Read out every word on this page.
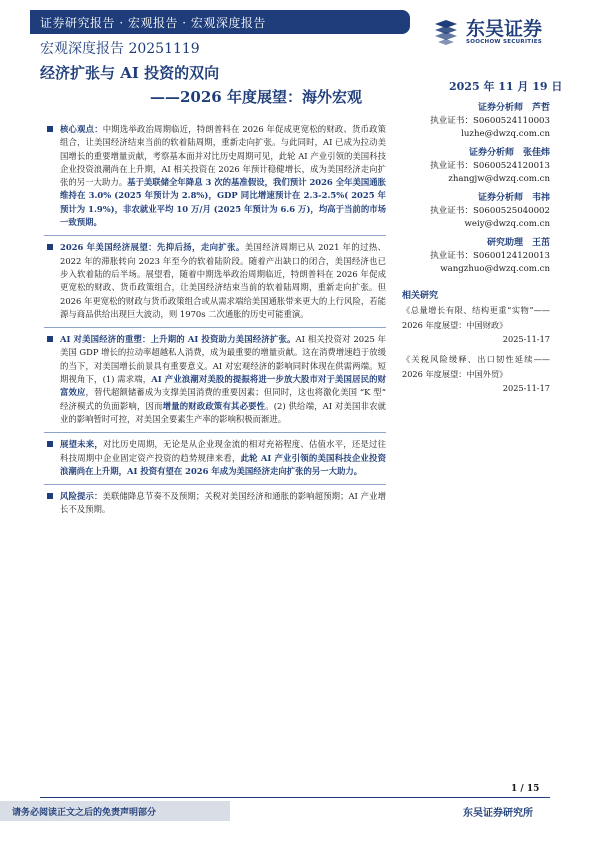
证券研究报告 · 宏观报告 · 宏观深度报告
宏观深度报告 20251119
经济扩张与 AI 投资的双向
——2026 年度展望：海外宏观
东吴证券
SOOCHOW SECURITIES
2025 年 11 月 19 日

核心观点：中期选举政治周期临近，特朗普料在 2026 年促成更宽松的财政、货币政策组合，让美国经济结束当前的软着陆周期，重新走向扩张。与此同时，AI 已成为拉动美国增长的重要增量贡献，考察基本面并对比历史周期可见，此轮 AI 产业引领的美国科技企业投资浪潮尚在上升期，AI 相关投资在 2026 年预计稳健增长，成为美国经济走向扩张的另一大助力。基于美联储全年降息 3 次的基准假设，我们预计 2026 全年美国通胀维持在 3.0% (2025 年预计为 2.8%)，GDP 同比增速预计在 2.3-2.5%( 2025 年预计为 1.9%)，非农就业平均 10 万/月 (2025 年预计为 6.6 万)，均高于当前的市场一致预期。

2026 年美国经济展望：先抑后扬，走向扩张。美国经济周期已从 2021 年的过热、2022 年的滞胀转向 2023 年至今的软着陆阶段。随着产出缺口的闭合，美国经济也已步入软着陆的后半场。展望看，随着中期选举政治周期临近，特朗普料在 2026 年促成更宽松的财政、货币政策组合，让美国经济结束当前的软着陆周期，重新走向扩张。但 2026 年更宽松的财政与货币政策组合或从需求端给美国通胀带来更大的上行风险，若能源与商品供给出现巨大波动，则 1970s 二次通胀的历史可能重演。

AI 对美国经济的重塑：上升期的 AI 投资助力美国经济扩张。AI 相关投资对 2025 年美国 GDP 增长的拉动率超越私人消费，成为最重要的增量贡献。这在消费增速趋于放缓的当下，对美国增长前景具有重要意义。AI 对宏观经济的影响同时体现在供需两端。短期视角下，(1) 需求端，AI 产业浪潮对美股的提振将进一步放大股市对于美国居民的财富效应，替代超额储蓄成为支撑美国消费的重要因素；但同时，这也将激化美国 “K 型” 经济模式的负面影响，因而增量的财政政策有其必要性。(2) 供给端，AI 对美国非农就业的影响暂时可控，对美国全要素生产率的影响积极而渐进。

展望未来，对比历史周期，无论是从企业现金流的相对充裕程度、估值水平，还是过往科技周期中企业固定资产投资的趋势规律来看，此轮 AI 产业引领的美国科技企业投资浪潮尚在上升期，AI 投资有望在 2026 年成为美国经济走向扩张的另一大助力。

风险提示：美联储降息节奏不及预期；关税对美国经济和通胀的影响超预期；AI 产业增长不及预期。

证券分析师　芦哲
执业证书：S0600524110003
luzhe@dwzq.com.cn
证券分析师　张佳炜
执业证书：S0600524120013
zhangjw@dwzq.com.cn
证券分析师　韦祎
执业证书：S0600525040002
weiy@dwzq.com.cn
研究助理　王茁
执业证书：S0600124120013
wangzhuo@dwzq.com.cn
相关研究
《总量增长有限、结构更重“实物”——2026 年度展望：中国财政》
2025-11-17
《关税风险缓释、出口韧性延续——2026 年度展望：中国外贸》
2025-11-17
1 / 15
请务必阅读正文之后的免责声明部分	东吴证券研究所
